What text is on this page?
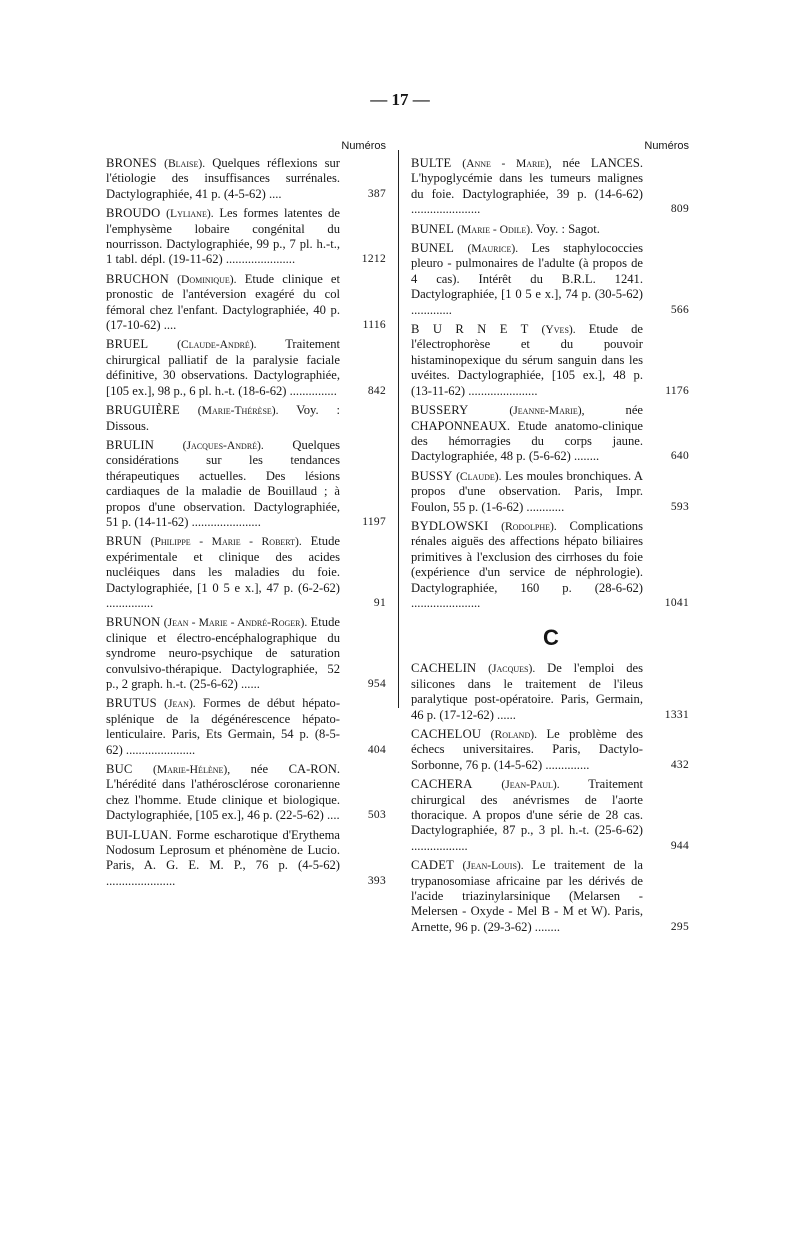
— 17 —
Numéros
BRONES (Blaise). Quelques réflexions sur l'étiologie des insuffisances surrénales. Dactylographiée, 41 p. (4-5-62) ....	387
BROUDO (Lyliane). Les formes latentes de l'emphysème lobaire congénital du nourrisson. Dactylographiée, 99 p., 7 pl. h.-t., 1 tabl. dépl. (19-11-62) ......................	1212
BRUCHON (Dominique). Etude clinique et pronostic de l'antéversion exagéré du col fémoral chez l'enfant. Dactylographiée, 40 p. (17-10-62) ....	1116
BRUEL (Claude-André). Traitement chirurgical palliatif de la paralysie faciale définitive, 30 observations. Dactylographiée, [105 ex.], 98 p., 6 pl. h.-t. (18-6-62) ...............	842
BRUGUIÈRE (Marie-Thérèse). Voy. : Dissous.
BRULIN (Jacques-André). Quelques considérations sur les tendances thérapeutiques actuelles. Des lésions cardiaques de la maladie de Bouillaud ; à propos d'une observation. Dactylographiée, 51 p. (14-11-62) ......................	1197
BRUN (Philippe - Marie - Robert). Etude expérimentale et clinique des acides nucléiques dans les maladies du foie. Dactylographiée, [1 0 5 e x.], 47 p. (6-2-62) ...............	91
BRUNON (Jean - Marie - André-Roger). Etude clinique et électro-encéphalographique du syndrome neuro-psychique de saturation convulsivo-thérapique. Dactylographiée, 52 p., 2 graph. h.-t. (25-6-62) ......	954
BRUTUS (Jean). Formes de début hépato-splénique de la dégénérescence hépato-lenticulaire. Paris, Ets Germain, 54 p. (8-5-62) ......................	404
BUC (Marie-Hélène), née CA-RON. L'hérédité dans l'athérosclérose coronarienne chez l'homme. Etude clinique et biologique. Dactylographiée, [105 ex.], 46 p. (22-5-62) .... 503
BUI-LUAN. Forme escharotique d'Erythema Nodosum Leprosum et phénomène de Lucio. Paris, A. G. E. M. P., 76 p. (4-5-62) ......................	393
Numéros
BULTE (Anne - Marie), née LANCES. L'hypoglycémie dans les tumeurs malignes du foie. Dactylographiée, 39 p. (14-6-62) ......................	809
BUNEL (Marie - Odile). Voy. : Sagot.
BUNEL (Maurice). Les staphylococcies pleuro - pulmonaires de l'adulte (à propos de 4 cas). Intérêt du B.R.L. 1241. Dactylographiée, [1 0 5 e x.], 74 p. (30-5-62) .............	566
B U R N E T (Yves). Etude de l'électrophorèse et du pouvoir histaminopexique du sérum sanguin dans les uvéites. Dactylographiée, [105 ex.], 48 p. (13-11-62) ......................	1176
BUSSERY	(Jeanne-Marie),	née CHAPONNEAUX. Etude anatomo-clinique des hémorragies du corps jaune. Dactylographiée, 48 p. (5-6-62) ........	640
BUSSY (Claude). Les moules bronchiques. A propos d'une observation. Paris, Impr. Foulon, 55 p. (1-6-62) ............	593
BYDLOWSKI (Rodolphe). Complications rénales aiguës des affections hépato biliaires primitives à l'exclusion des cirrhoses du foie (expérience d'un service de néphrologie). Dactylographiée, 160 p. (28-6-62) ......................	1041
C
CACHELIN (Jacques). De l'emploi des silicones dans le traitement de l'ileus paralytique post-opératoire. Paris, Germain, 46 p. (17-12-62) ......	1331
CACHELOU (Roland). Le problème des échecs universitaires. Paris, Dactylo-Sorbonne, 76 p. (14-5-62) ..............	432
CACHERA (Jean-Paul). Traitement chirurgical des anévrismes de l'aorte thoracique. A propos d'une série de 28 cas. Dactylographiée, 87 p., 3 pl. h.-t. (25-6-62) ..................	944
CADET (Jean-Louis). Le traitement de la trypanosomiase africaine par les dérivés de l'acide triazinylarsinique (Melarsen - Melersen - Oxyde - Mel B - M et W). Paris, Arnette, 96 p. (29-3-62) ........	295
